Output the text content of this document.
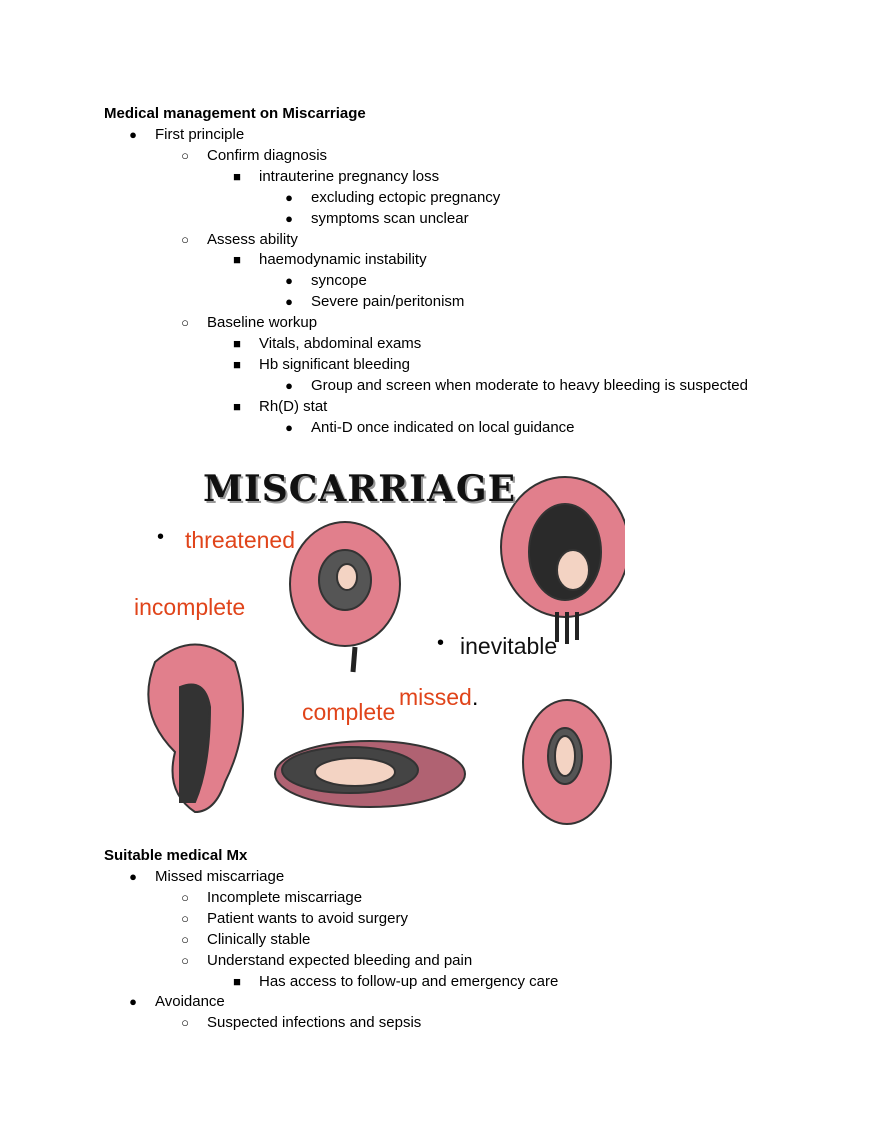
Medical management on Miscarriage
●	First principle
○	Confirm diagnosis
■	intrauterine pregnancy loss
●	excluding ectopic pregnancy
●	symptoms scan unclear
○	Assess ability
■	haemodynamic instability
●	syncope
●	Severe pain/peritonism
○	Baseline workup
■	Vitals, abdominal exams
■	Hb significant bleeding
●	Group and screen when moderate to heavy bleeding is suspected
■	Rh(D) stat
●	Anti-D once indicated on local guidance
MISCARRIAGE
• threatened
incomplete
• inevitable
missed .
complete
Suitable medical Mx
●	Missed miscarriage
○	Incomplete miscarriage
○	Patient wants to avoid surgery
○	Clinically stable
○	Understand expected bleeding and pain
■	Has access to follow-up and emergency care
●	Avoidance
○	Suspected infections and sepsis
